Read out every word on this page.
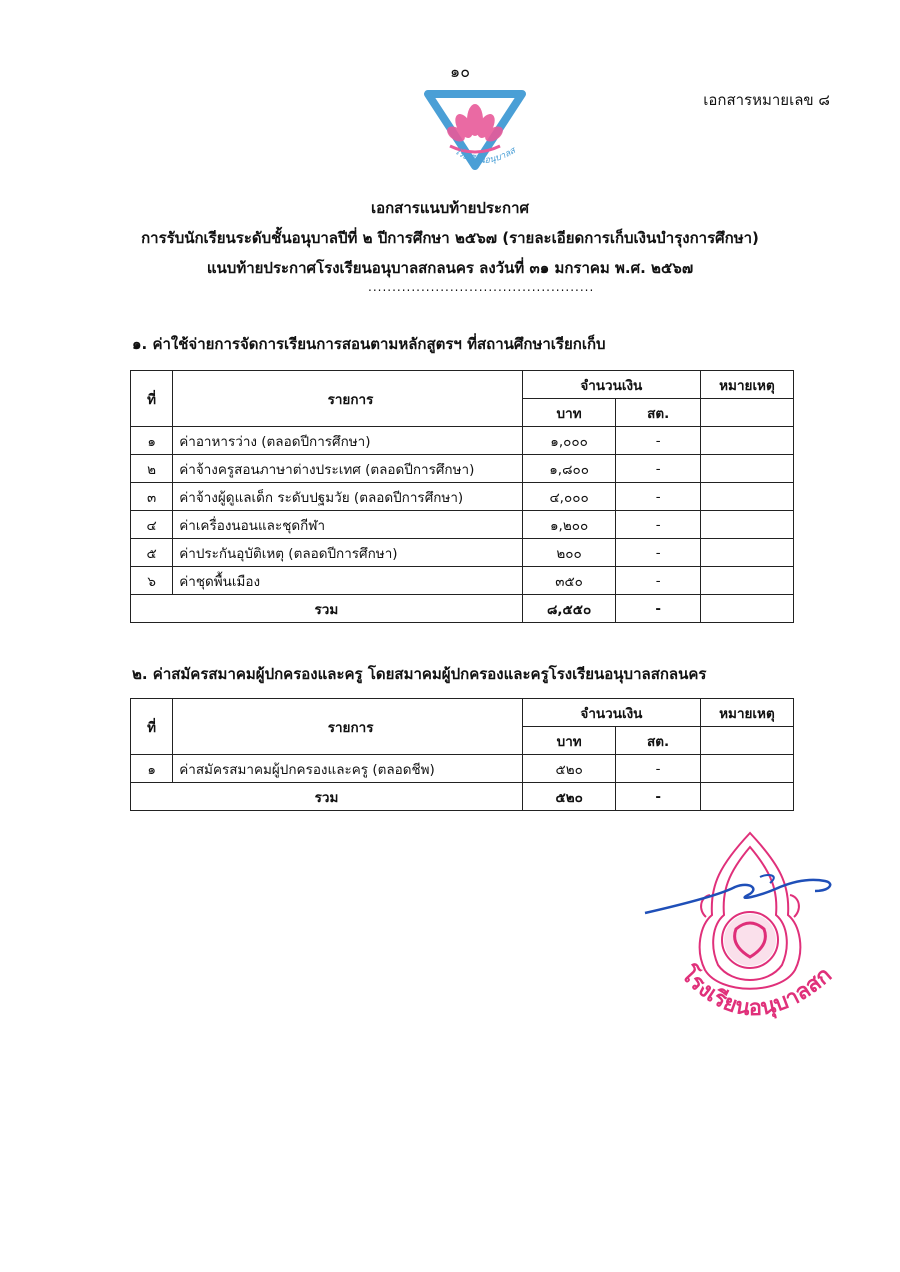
๑๐
เอกสารหมายเลข ๘
โรงเรียนอนุบาลส
เอกสารแนบท้ายประกาศ
การรับนักเรียนระดับชั้นอนุบาลปีที่ ๒ ปีการศึกษา ๒๕๖๗ (รายละเอียดการเก็บเงินบำรุงการศึกษา)
แนบท้ายประกาศโรงเรียนอนุบาลสกลนคร ลงวันที่ ๓๑ มกราคม พ.ศ. ๒๕๖๗
...............................................
๑. ค่าใช้จ่ายการจัดการเรียนการสอนตามหลักสูตรฯ ที่สถานศึกษาเรียกเก็บ
ที่	รายการ	จำนวนเงิน		หมายเหตุ
		บาท	สต.	
๑	ค่าอาหารว่าง (ตลอดปีการศึกษา)	๑,๐๐๐	-	
๒	ค่าจ้างครูสอนภาษาต่างประเทศ (ตลอดปีการศึกษา)	๑,๘๐๐	-	
๓	ค่าจ้างผู้ดูแลเด็ก ระดับปฐมวัย (ตลอดปีการศึกษา)	๔,๐๐๐	-	
๔	ค่าเครื่องนอนและชุดกีฬา	๑,๒๐๐	-	
๕	ค่าประกันอุบัติเหตุ (ตลอดปีการศึกษา)	๒๐๐	-	
๖	ค่าชุดพื้นเมือง	๓๕๐	-	
รวม		๘,๕๕๐	-	
๒. ค่าสมัครสมาคมผู้ปกครองและครู โดยสมาคมผู้ปกครองและครูโรงเรียนอนุบาลสกลนคร
ที่	รายการ	จำนวนเงิน		หมายเหตุ
		บาท	สต.	
๑	ค่าสมัครสมาคมผู้ปกครองและครู (ตลอดชีพ)	๕๒๐	-	
รวม		๕๒๐	-	
โรงเรียนอนุบาลสก
